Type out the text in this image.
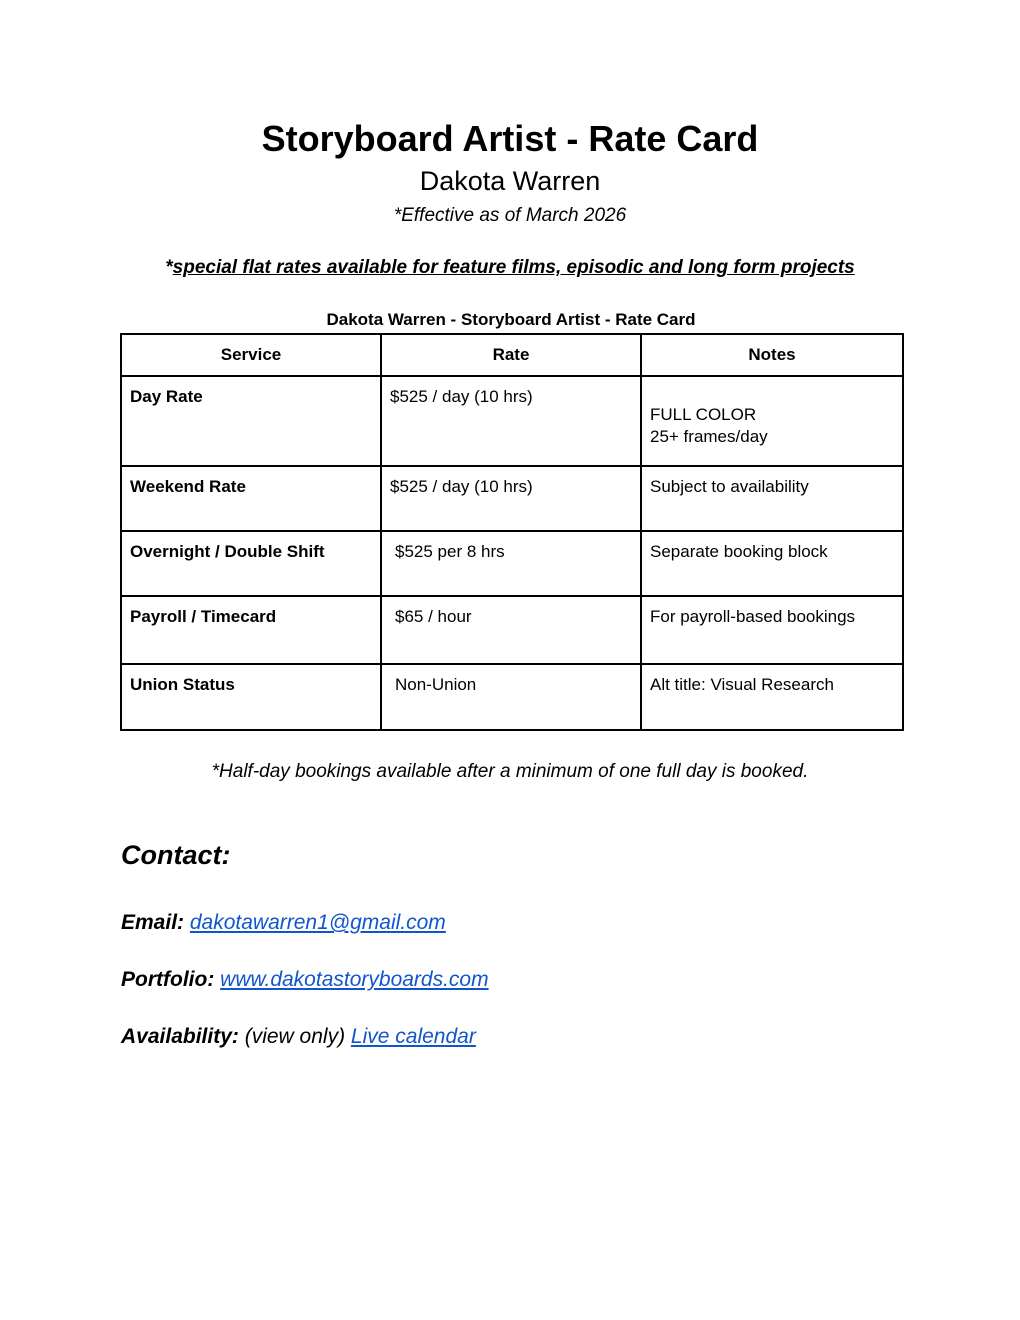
Storyboard Artist - Rate Card
Dakota Warren
*Effective as of March 2026
*special flat rates available for feature films, episodic and long form projects
Dakota Warren - Storyboard Artist - Rate Card
Service	Rate	Notes
Day Rate	$525 / day (10 hrs)	FULL COLOR
25+ frames/day

Weekend Rate	$525 / day (10 hrs)	Subject to availability
Overnight / Double Shift	$525 per 8 hrs	Separate booking block
Payroll / Timecard	$65 / hour	For payroll-based bookings
Union Status	Non-Union	Alt title: Visual Research
*Half-day bookings available after a minimum of one full day is booked.
Contact:
Email: dakotawarren1@gmail.com
Portfolio: www.dakotastoryboards.com
Availability: (view only) Live calendar
